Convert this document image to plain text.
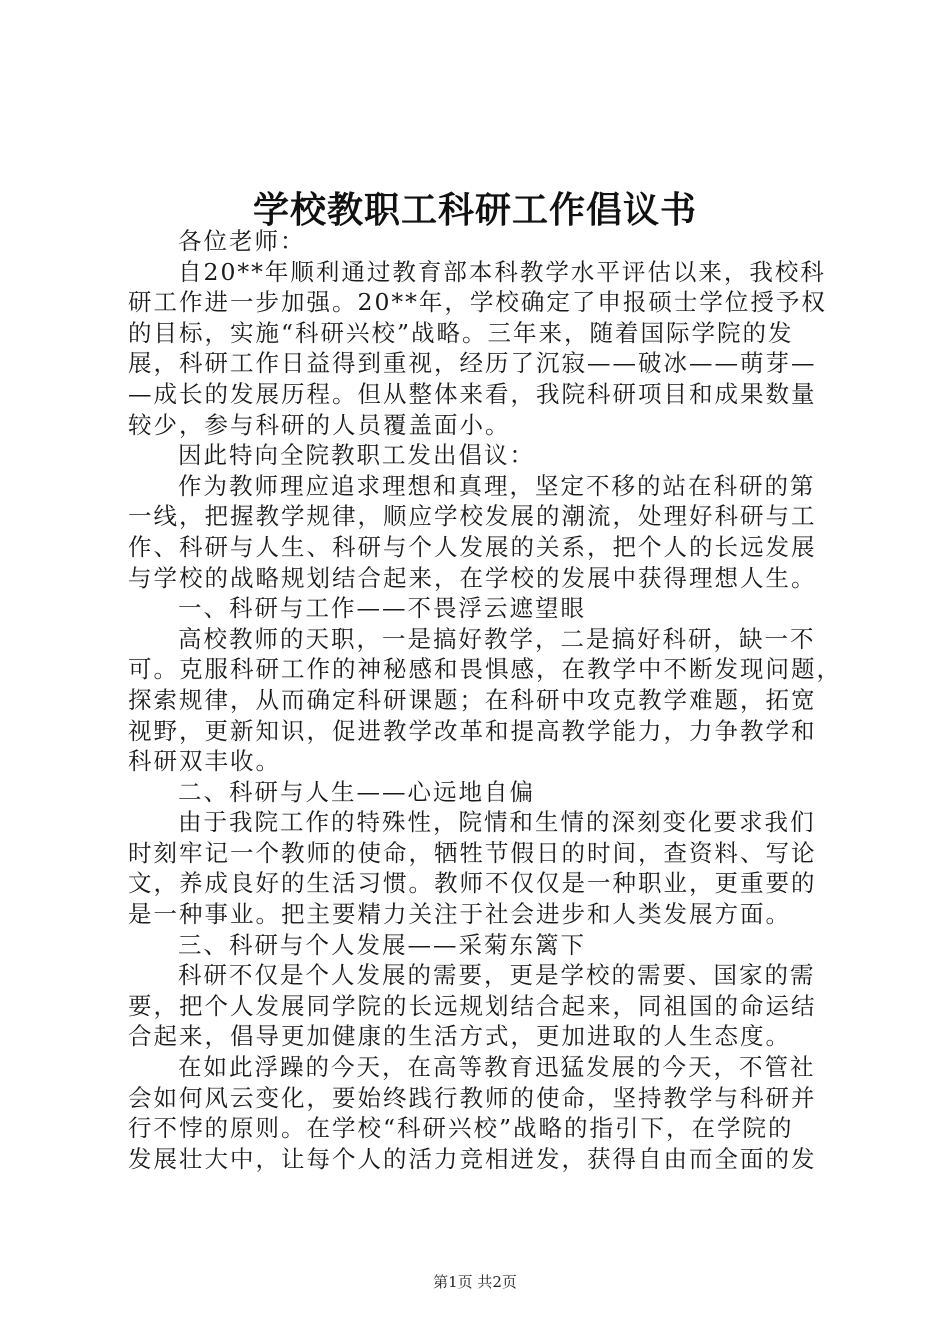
学校教职工科研工作倡议书
各位老师：
自20**年顺利通过教育部本科教学水平评估以来，我校科
研工作进一步加强。20**年，学校确定了申报硕士学位授予权
的目标，实施“科研兴校”战略。三年来，随着国际学院的发
展，科研工作日益得到重视，经历了沉寂——破冰——萌芽—
—成长的发展历程。但从整体来看，我院科研项目和成果数量
较少，参与科研的人员覆盖面小。
因此特向全院教职工发出倡议：
作为教师理应追求理想和真理，坚定不移的站在科研的第
一线，把握教学规律，顺应学校发展的潮流，处理好科研与工
作、科研与人生、科研与个人发展的关系，把个人的长远发展
与学校的战略规划结合起来，在学校的发展中获得理想人生。
一、科研与工作——不畏浮云遮望眼
高校教师的天职，一是搞好教学，二是搞好科研，缺一不
可。克服科研工作的神秘感和畏惧感，在教学中不断发现问题，
探索规律，从而确定科研课题；在科研中攻克教学难题，拓宽
视野，更新知识，促进教学改革和提高教学能力，力争教学和
科研双丰收。
二、科研与人生——心远地自偏
由于我院工作的特殊性，院情和生情的深刻变化要求我们
时刻牢记一个教师的使命，牺牲节假日的时间，查资料、写论
文，养成良好的生活习惯。教师不仅仅是一种职业，更重要的
是一种事业。把主要精力关注于社会进步和人类发展方面。
三、科研与个人发展——采菊东篱下
科研不仅是个人发展的需要，更是学校的需要、国家的需
要，把个人发展同学院的长远规划结合起来，同祖国的命运结
合起来，倡导更加健康的生活方式，更加进取的人生态度。
在如此浮躁的今天，在高等教育迅猛发展的今天，不管社
会如何风云变化，要始终践行教师的使命，坚持教学与科研并
行不悖的原则。在学校“科研兴校”战略的指引下，在学院的
发展壮大中，让每个人的活力竞相迸发，获得自由而全面的发
第1页 共2页
